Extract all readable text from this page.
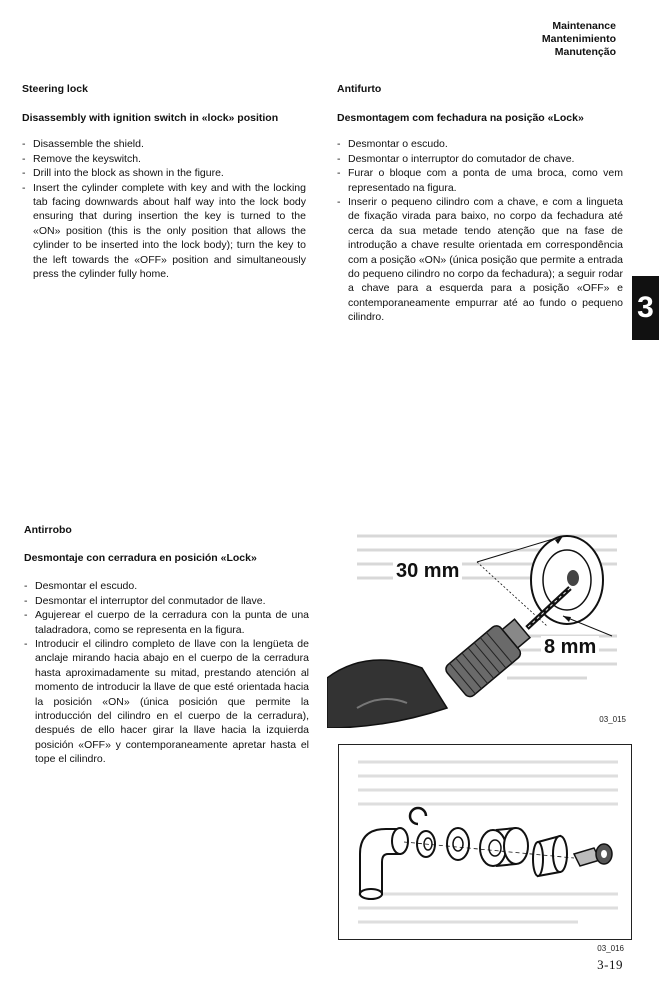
Maintenance
Mantenimiento
Manutenção
Steering lock
Disassembly with ignition switch in «lock» position
- Disassemble the shield.
- Remove the keyswitch.
- Drill into the block as shown in the figure.
- Insert the cylinder complete with key and with the locking tab facing downwards about half way into the lock body ensuring that during insertion the key is turned to the «ON» position (this is the only position that allows the cylinder to be inserted into the lock body); turn the key to the left towards the «OFF» position and simultaneously press the cylinder fully home.
Antifurto
Desmontagem com fechadura na posição «Lock»
- Desmontar o escudo.
- Desmontar o interruptor do comutador de chave.
- Furar o bloque com a ponta de uma broca, como vem representado na figura.
- Inserir o pequeno cilindro com a chave, e com a lingueta de fixação virada para baixo, no corpo da fechadura até cerca da sua metade tendo atenção que na fase de introdução a chave resulte orientada em correspondência com a posição «ON» (única posição que permite a entrada do pequeno cilindro no corpo da fechadura); a seguir rodar a chave para a esquerda para a posição «OFF» e contemporaneamente empurrar até ao fundo o pequeno cilindro.	3
Antirrobo
Desmontaje con cerradura en posición «Lock»
- Desmontar el escudo.
- Desmontar el interruptor del conmutador de llave.
- Agujerear el cuerpo de la cerradura con la punta de una taladradora, como se representa en la figura.
- Introducir el cilindro completo de llave con la lengüeta de anclaje mirando hacia abajo en el cuerpo de la cerradura hasta aproximadamente su mitad, prestando atención al momento de introducir la llave de que esté orientada hacia la posición «ON» (única posición que permite la introducción del cilindro en el cuerpo de la cerradura), después de ello hacer girar la llave hacia la izquierda posición «OFF» y contemporaneamente apretar hasta el tope el cilindro.
30 mm
8 mm
03_015
03_016
3-19
